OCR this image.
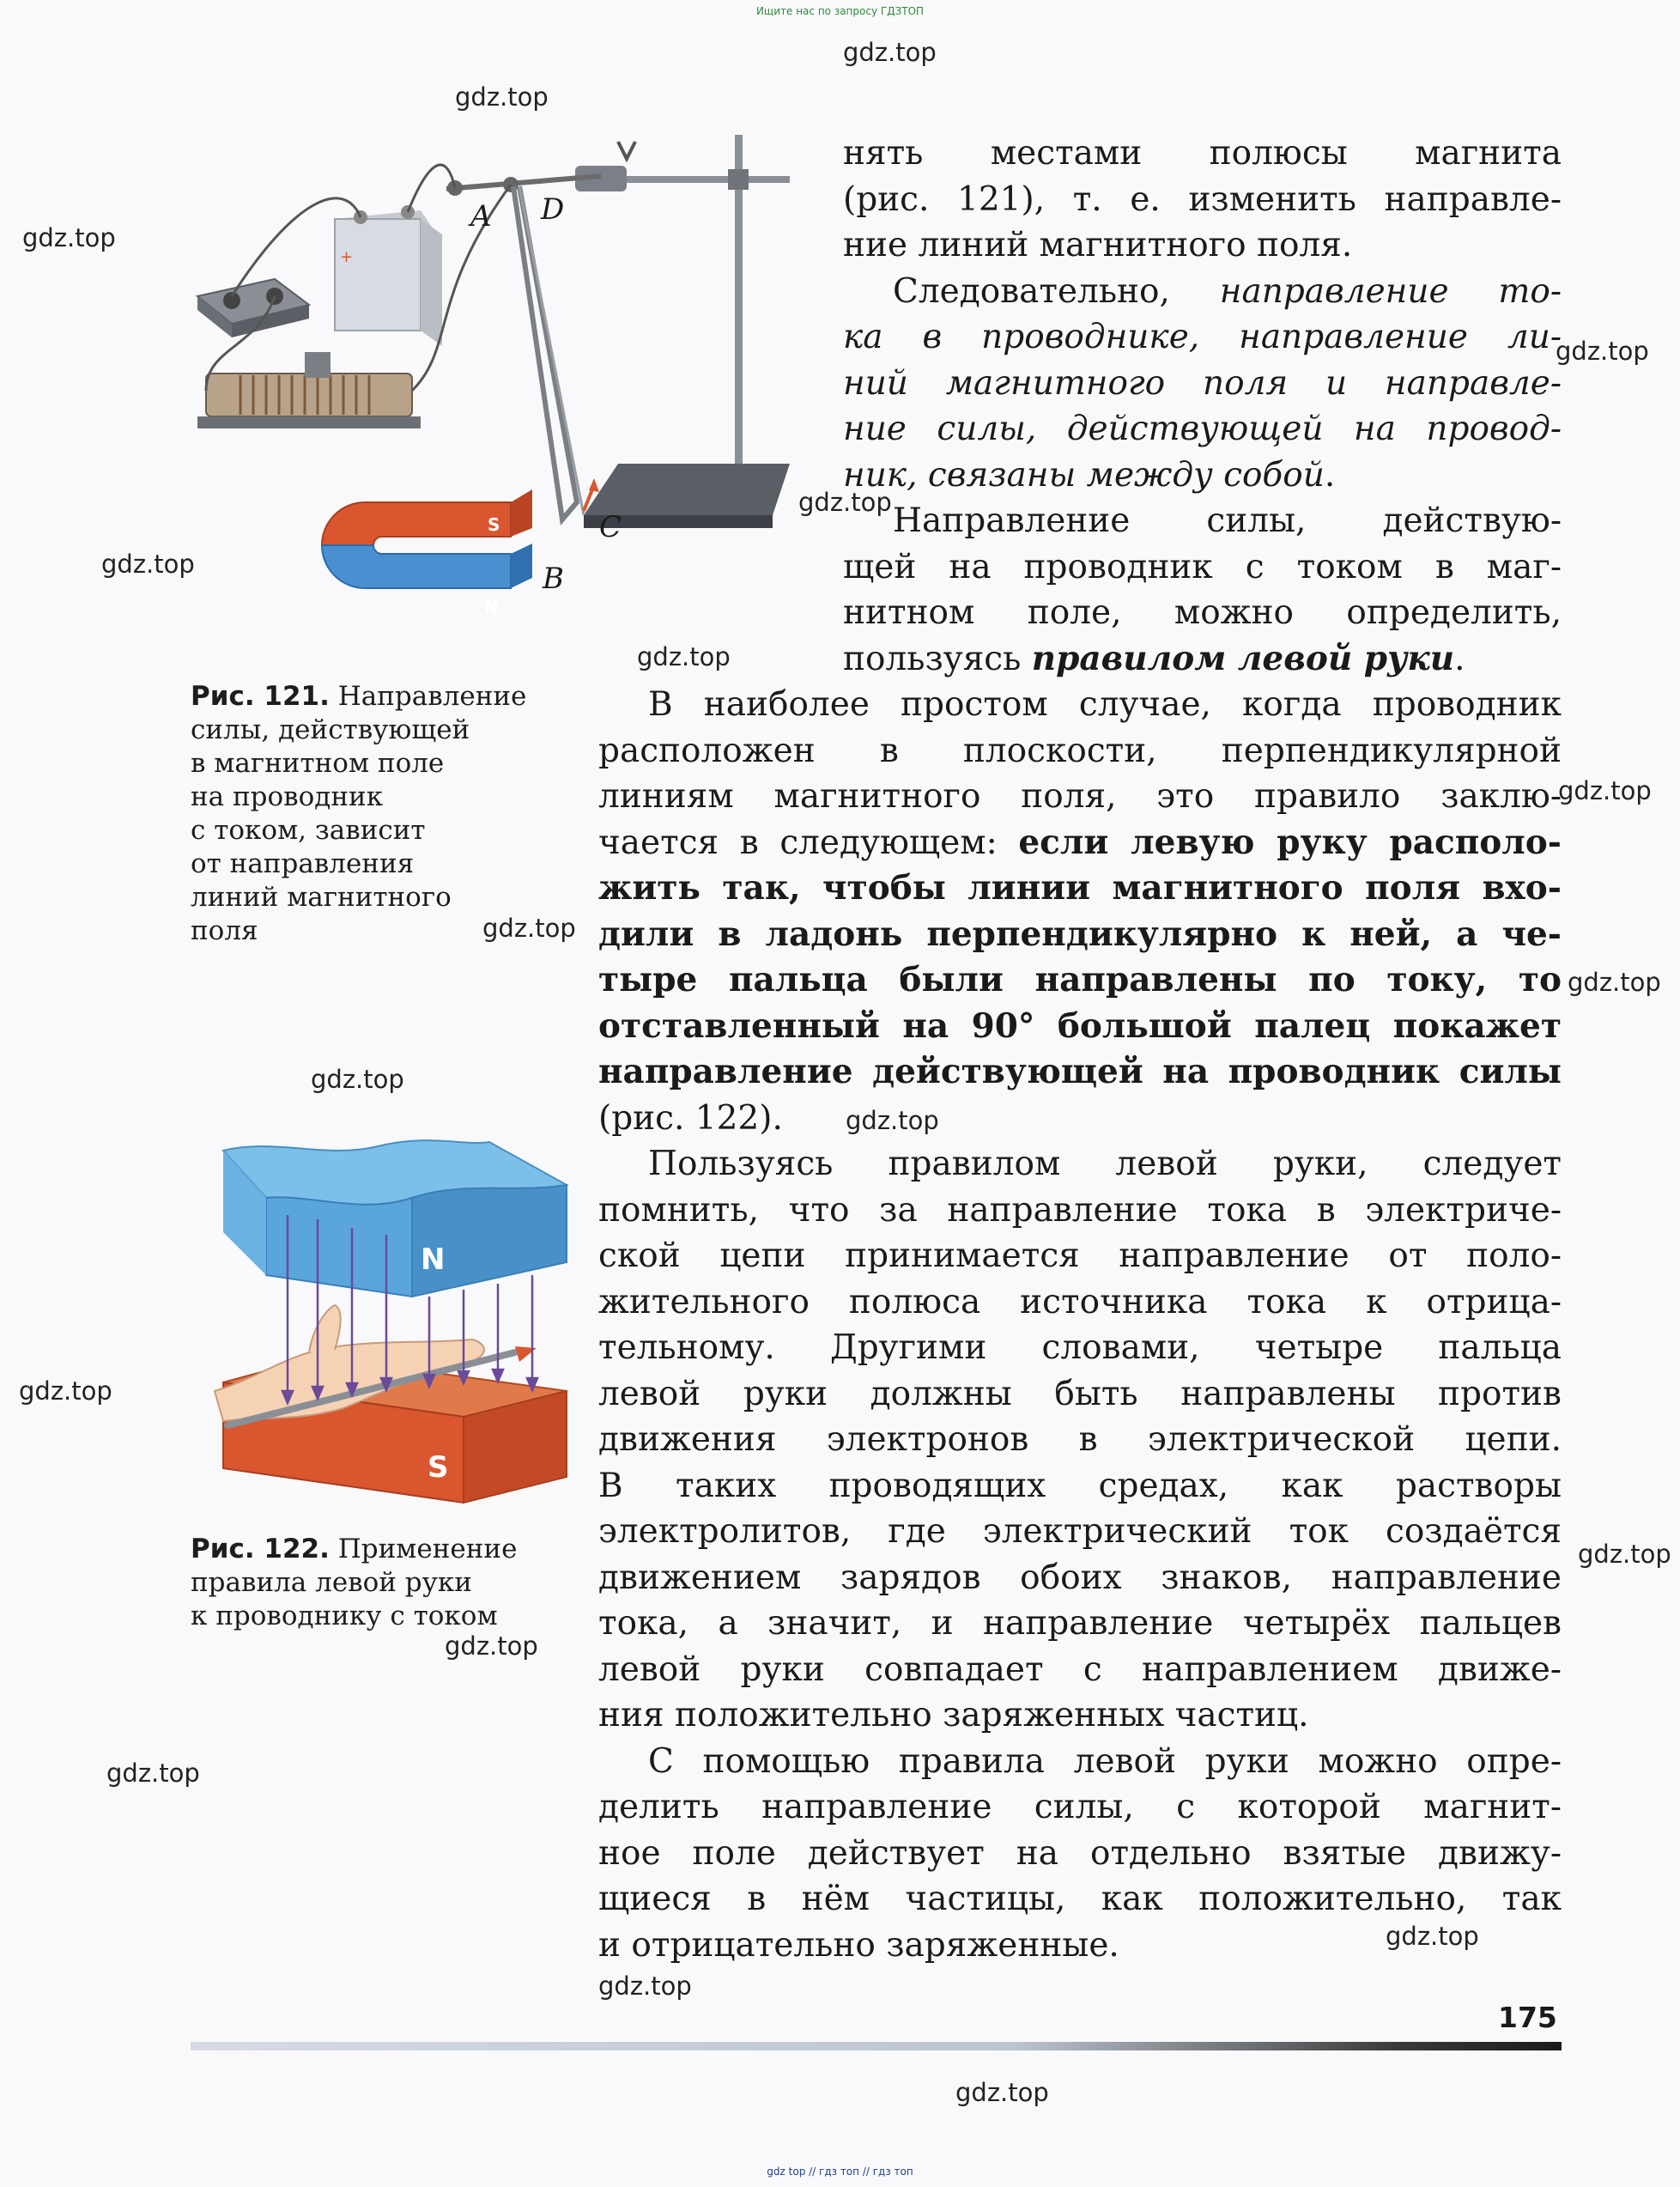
Ищите нас по запросу ГДЗТОП
+
A D
B
C
S
N
Рис. 121. Направление
силы, действующей
в магнитном поле
на проводник
с током, зависит
от направления
линий магнитного
поля
N
S
Рис. 122. Применение
правила левой руки
к проводнику с током
нять местами полюсы магнита
(рис. 121), т. е. изменить направле-
ние линий магнитного поля.
Следовательно, направление то-
ка в проводнике, направление ли-
ний магнитного поля и направле-
ние силы, действующей на провод-
ник, связаны между собой.
Направление силы, действую-
щей на проводник с током в маг-
нитном поле, можно определить,
пользуясь правилом левой руки.
В наиболее простом случае, когда проводник
расположен в плоскости, перпендикулярной
линиям магнитного поля, это правило заклю-
чается в следующем: если левую руку располо-
жить так, чтобы линии магнитного поля вхо-
дили в ладонь перпендикулярно к ней, а че-
тыре пальца были направлены по току, то
отставленный на 90° большой палец покажет
направление действующей на проводник силы
(рис. 122).
Пользуясь правилом левой руки, следует
помнить, что за направление тока в электриче-
ской цепи принимается направление от поло-
жительного полюса источника тока к отрица-
тельному. Другими словами, четыре пальца
левой руки должны быть направлены против
движения электронов в электрической цепи.
В таких проводящих средах, как растворы
электролитов, где электрический ток создаётся
движением зарядов обоих знаков, направление
тока, а значит, и направление четырёх пальцев
левой руки совпадает с направлением движе-
ния положительно заряженных частиц.
С помощью правила левой руки можно опре-
делить направление силы, с которой магнит-
ное поле действует на отдельно взятые движу-
щиеся в нём частицы, как положительно, так
и отрицательно заряженные.
gdz.top
gdz.top
gdz.top
gdz.top
gdz.top
gdz.top
gdz.top
gdz.top
gdz.top
gdz.top
gdz.top
gdz.top
gdz.top
gdz.top
gdz.top
gdz.top
gdz.top
gdz.top
gdz.top
175
gdz top // гдз топ // гдз топ
